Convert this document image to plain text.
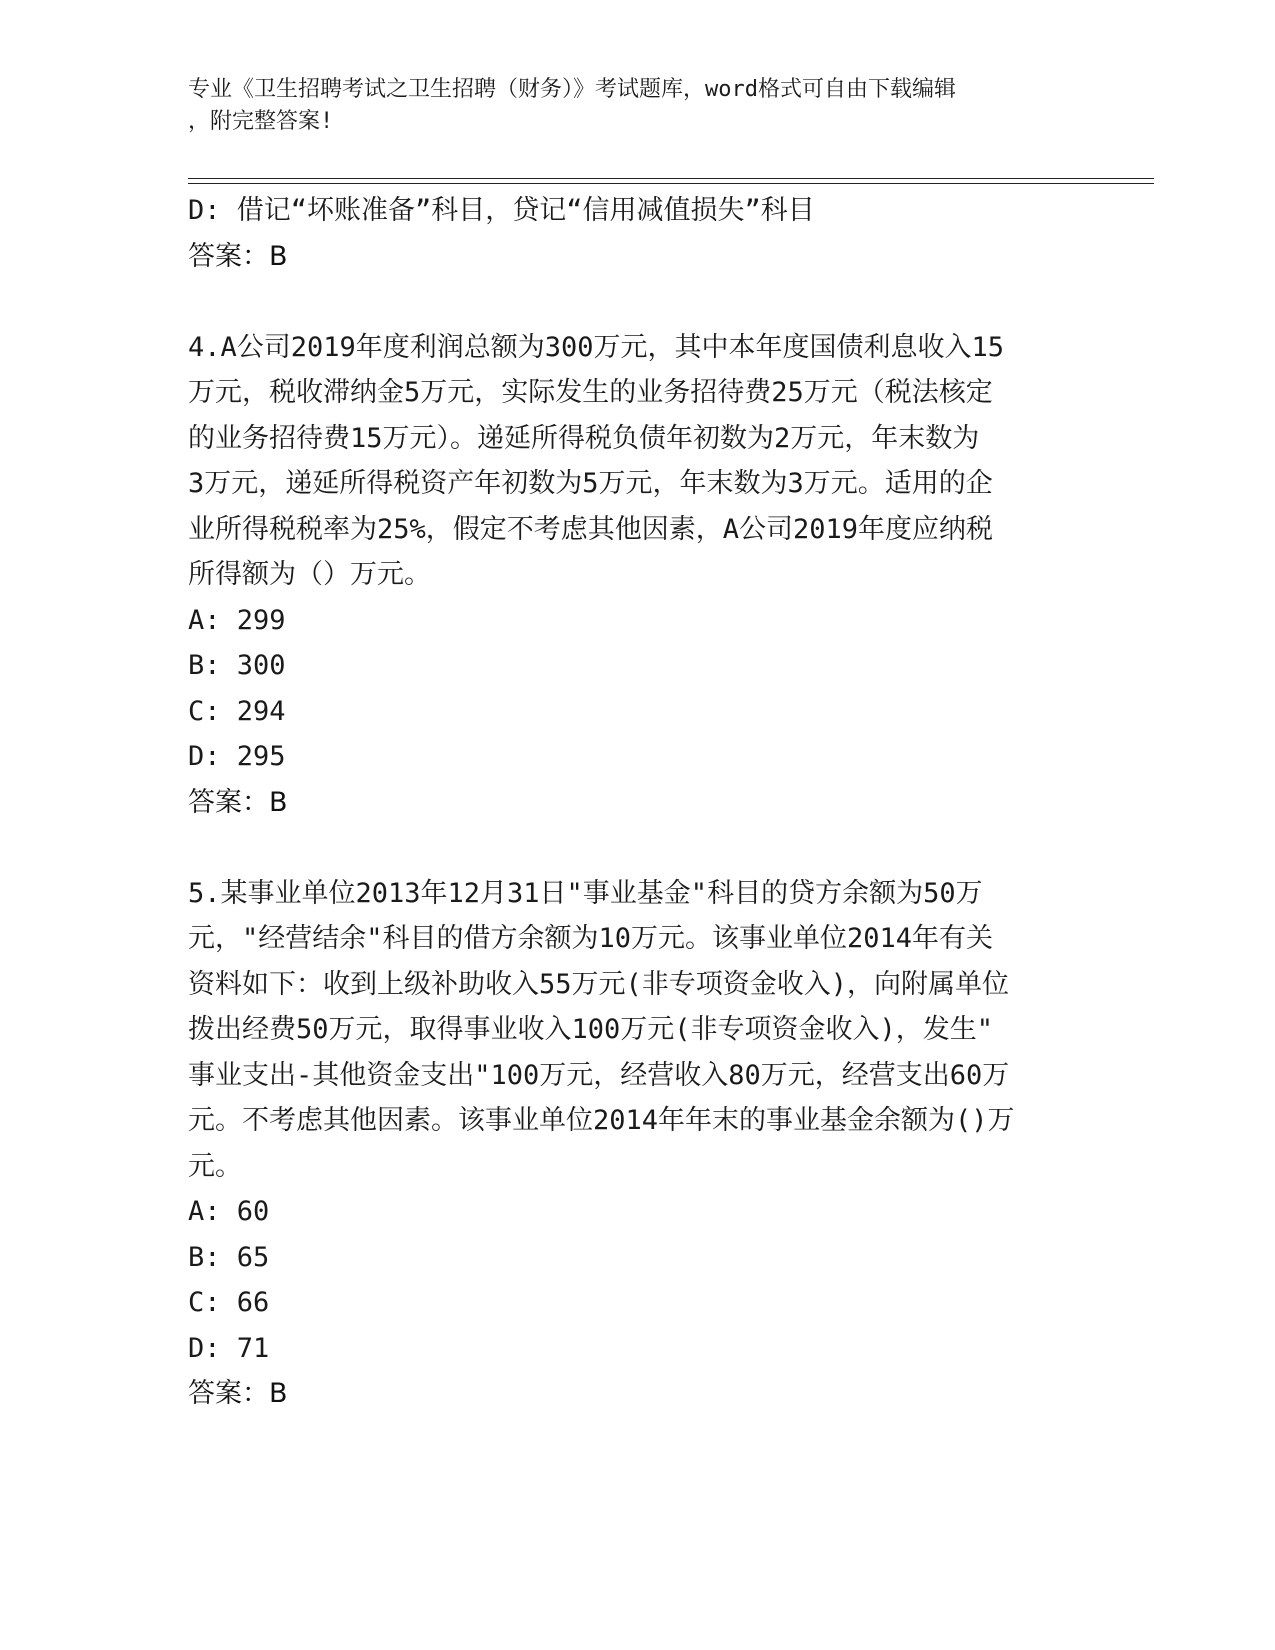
专业《卫生招聘考试之卫生招聘（财务）》考试题库，word格式可自由下载编辑
，附完整答案!
D: 借记“坏账准备”科目，贷记“信用减值损失”科目
答案：B
4.A公司2019年度利润总额为300万元，其中本年度国债利息收入15
万元，税收滞纳金5万元，实际发生的业务招待费25万元（税法核定
的业务招待费15万元）。递延所得税负债年初数为2万元，年末数为
3万元，递延所得税资产年初数为5万元，年末数为3万元。适用的企
业所得税税率为25%，假定不考虑其他因素，A公司2019年度应纳税
所得额为（）万元。
A: 299
B: 300
C: 294
D: 295
答案：B
5.某事业单位2013年12月31日"事业基金"科目的贷方余额为50万
元，"经营结余"科目的借方余额为10万元。该事业单位2014年有关
资料如下：收到上级补助收入55万元(非专项资金收入)，向附属单位
拨出经费50万元，取得事业收入100万元(非专项资金收入)，发生"
事业支出-其他资金支出"100万元，经营收入80万元，经营支出60万
元。不考虑其他因素。该事业单位2014年年末的事业基金余额为()万
元。
A: 60
B: 65
C: 66
D: 71
答案：B
